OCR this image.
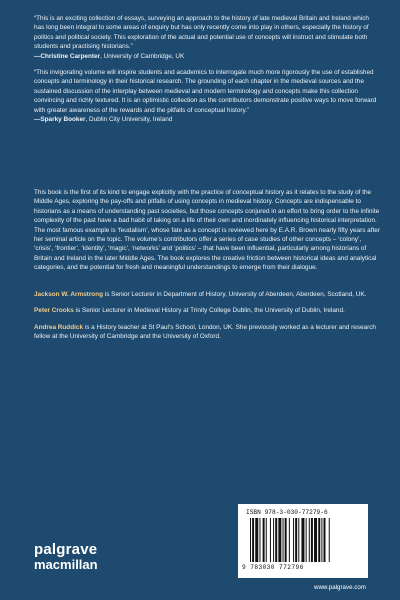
“This is an exciting collection of essays, surveying an approach to the history of late medieval Britain and Ireland which has long been integral to some areas of enquiry but has only recently come into play in others, especially the history of politics and political society. This exploration of the actual and potential use of concepts will instruct and stimulate both students and practising historians.”
—Christine Carpenter, University of Cambridge, UK

“This invigorating volume will inspire students and academics to interrogate much more rigorously the use of established concepts and terminology in their historical research. The grounding of each chapter in the medieval sources and the sustained discussion of the interplay between medieval and modern terminology and concepts make this collection convincing and richly textured. It is an optimistic collection as the contributors demonstrate positive ways to move forward with greater awareness of the rewards and the pitfalls of conceptual history.”
—Sparky Booker, Dublin City University, Ireland

This book is the first of its kind to engage explicitly with the practice of conceptual history as it relates to the study of the Middle Ages, exploring the pay-offs and pitfalls of using concepts in medieval history. Concepts are indispensable to historians as a means of understanding past societies, but those concepts conjured in an effort to bring order to the infinite complexity of the past have a bad habit of taking on a life of their own and inordinately influencing historical interpretation. The most famous example is ‘feudalism’, whose fate as a concept is reviewed here by E.A.R. Brown nearly fifty years after her seminal article on the topic. The volume’s contributors offer a series of case studies of other concepts – ‘colony’, ‘crisis’, ‘frontier’, ‘identity’, ‘magic’, ‘networks’ and ‘politics’ – that have been influential, particularly among historians of Britain and Ireland in the later Middle Ages. The book explores the creative friction between historical ideas and analytical categories, and the potential for fresh and meaningful understandings to emerge from their dialogue.

Jackson W. Armstrong is Senior Lecturer in Department of History, University of Aberdeen, Aberdeen, Scotland, UK.

Peter Crooks is Senior Lecturer in Medieval History at Trinity College Dublin, the University of Dublin, Ireland.

Andrea Ruddick is a History teacher at St Paul’s School, London, UK. She previously worked as a lecturer and research fellow at the University of Cambridge and the University of Oxford.

palgrave
macmillan
ISBN 978-3-030-77279-6
9 783030 772796
www.palgrave.com
